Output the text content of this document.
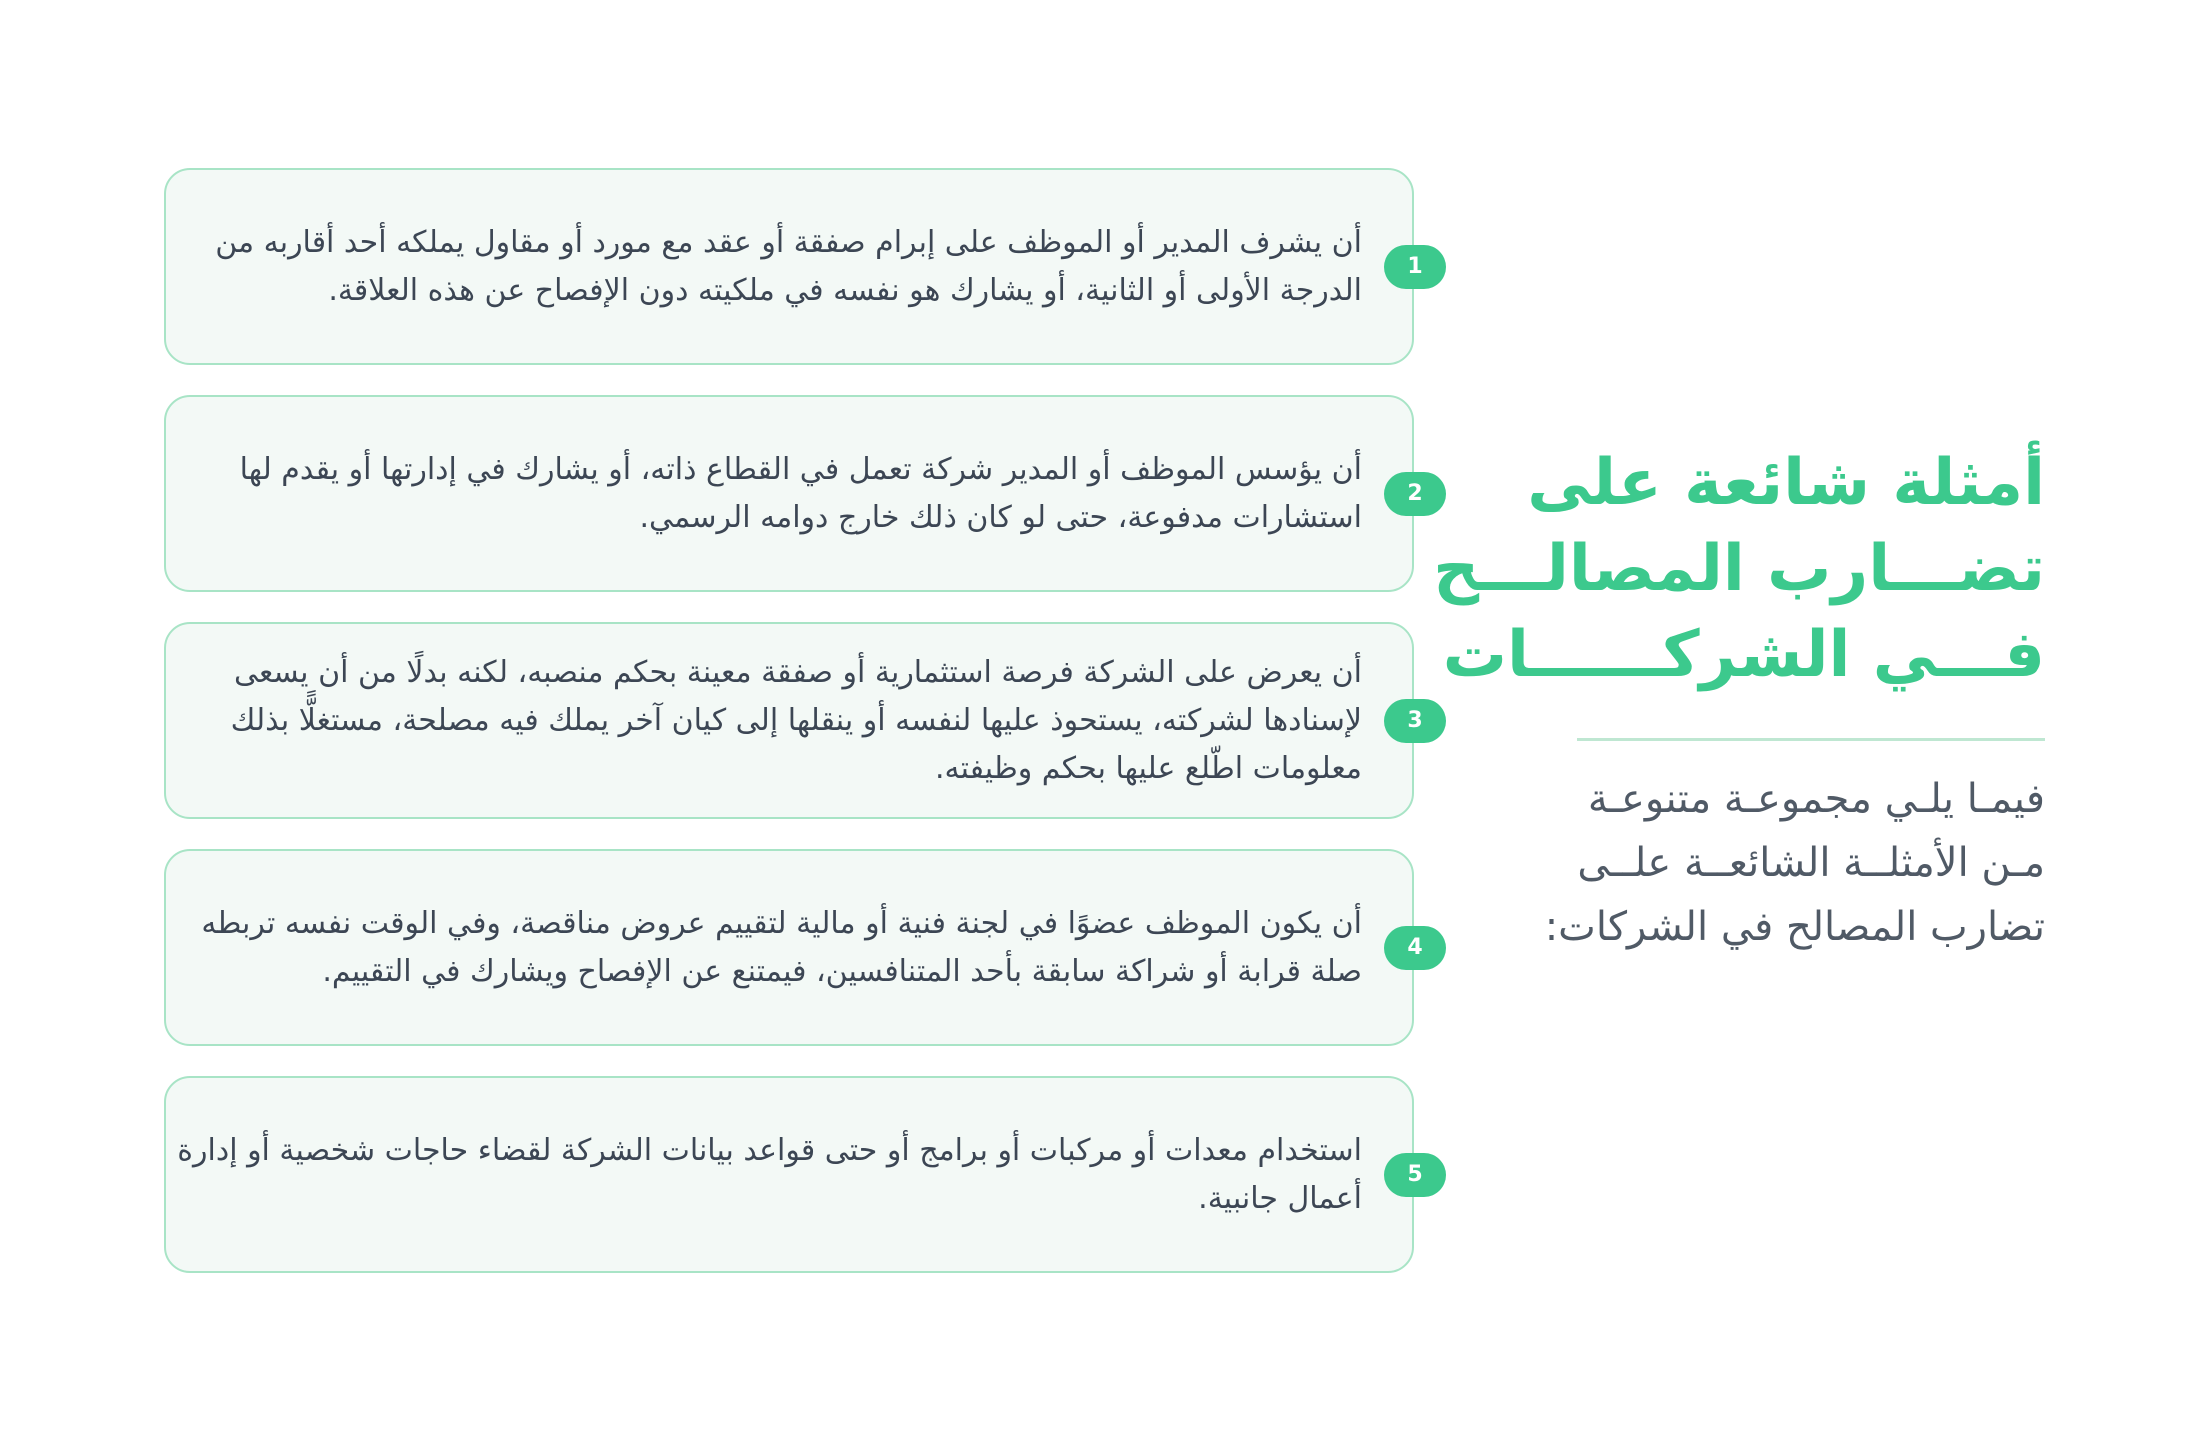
أمثلة شائعة على
تضـــارب المصالـــح
فـــي الشركــــــات

فيمـا يلـي مجموعـة متنوعـة
مـن الأمثلــة الشائعــة علــى
تضارب المصالح في الشركات:

1
أن يشرف المدير أو الموظف على إبرام صفقة أو عقد مع مورد أو مقاول يملكه أحد أقاربه من
الدرجة الأولى أو الثانية، أو يشارك هو نفسه في ملكيته دون الإفصاح عن هذه العلاقة.
2
أن يؤسس الموظف أو المدير شركة تعمل في القطاع ذاته، أو يشارك في إدارتها أو يقدم لها
استشارات مدفوعة، حتى لو كان ذلك خارج دوامه الرسمي.
3
أن يعرض على الشركة فرصة استثمارية أو صفقة معينة بحكم منصبه، لكنه بدلًا من أن يسعى
لإسنادها لشركته، يستحوذ عليها لنفسه أو ينقلها إلى كيان آخر يملك فيه مصلحة، مستغلًّا بذلك
معلومات اطّلع عليها بحكم وظيفته.
4
أن يكون الموظف عضوًا في لجنة فنية أو مالية لتقييم عروض مناقصة، وفي الوقت نفسه تربطه
صلة قرابة أو شراكة سابقة بأحد المتنافسين، فيمتنع عن الإفصاح ويشارك في التقييم.
5
استخدام معدات أو مركبات أو برامج أو حتى قواعد بيانات الشركة لقضاء حاجات شخصية أو إدارة
أعمال جانبية.
